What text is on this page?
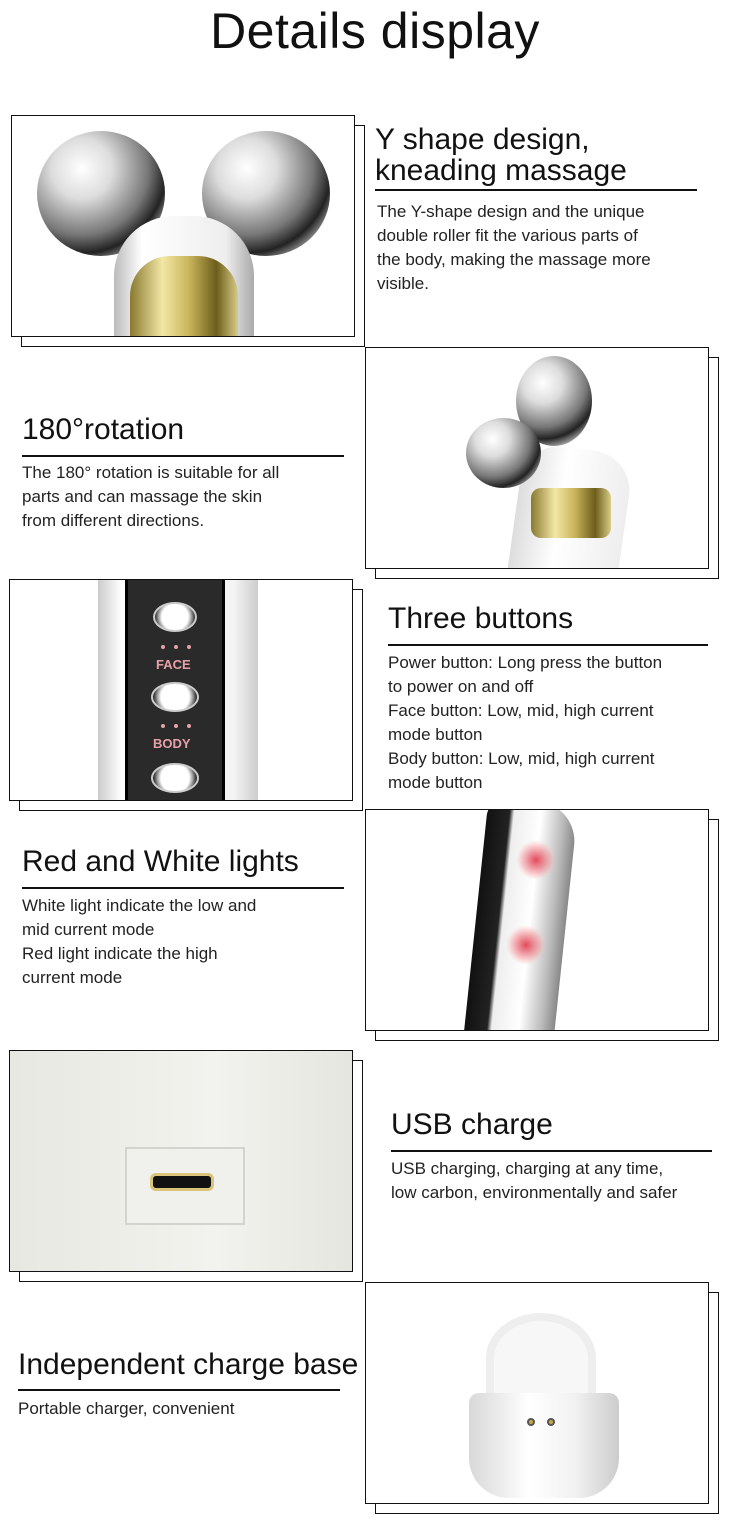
Details display
Y shape design,
kneading massage
The Y-shape design and the unique
double roller fit the various parts of
the body, making the massage more
visible.
180°rotation
The 180° rotation is suitable for all
parts and can massage the skin
from different directions.
FACE
BODY
Three buttons
Power button: Long press the button
to power on and off
Face button: Low, mid, high current
mode button
Body button: Low, mid, high current
mode button
Red and White lights
White light indicate the low and
mid current mode
Red light indicate the high
current mode
USB charge
USB charging, charging at any time,
low carbon, environmentally and safer
Independent charge base
Portable charger, convenient
